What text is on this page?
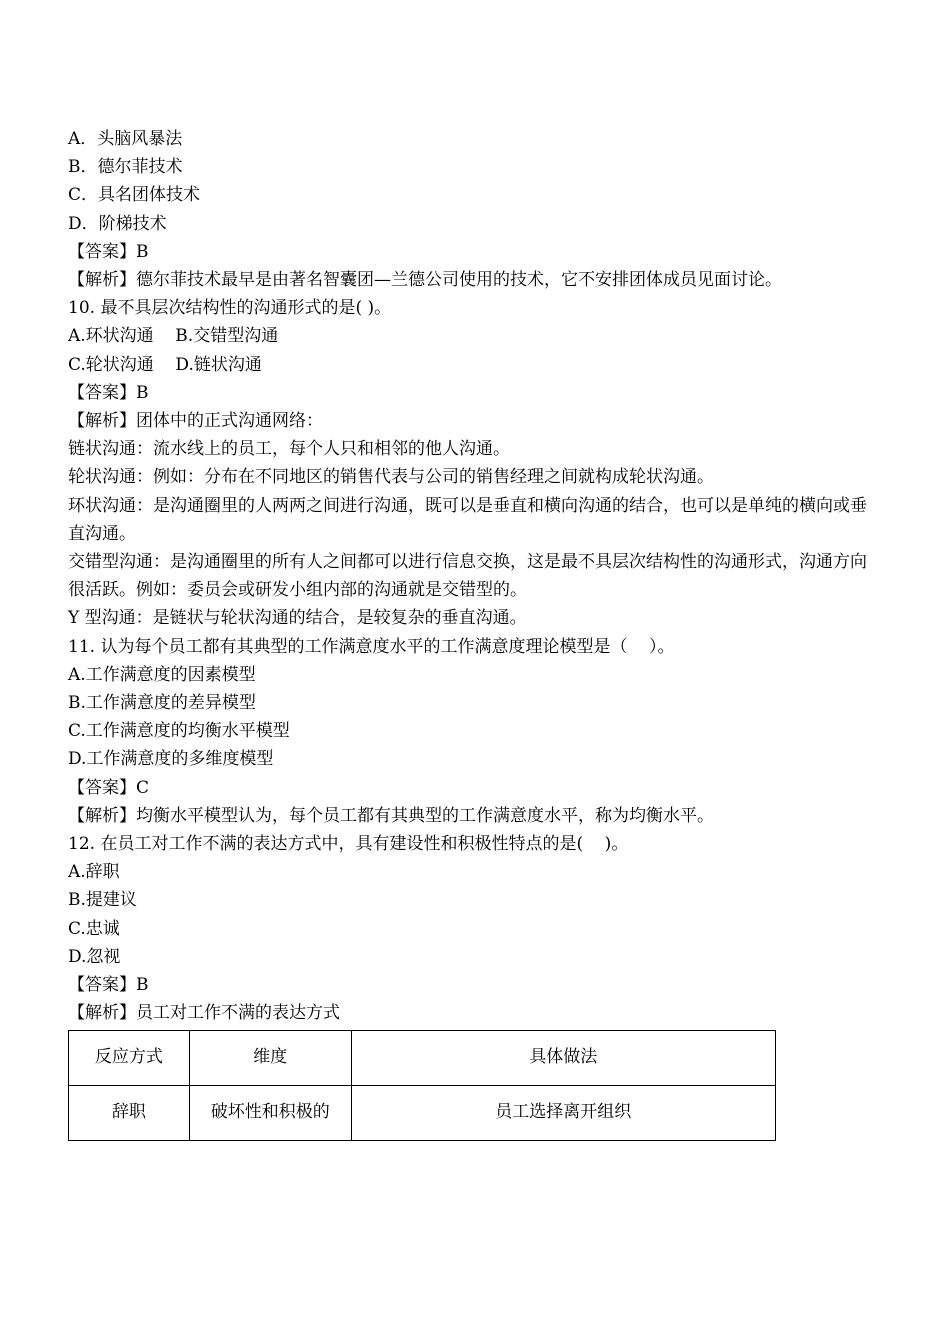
A．头脑风暴法

B．德尔菲技术

C．具名团体技术

D．阶梯技术

【答案】B

【解析】德尔菲技术最早是由著名智囊团—兰德公司使用的技术，它不安排团体成员见面讨论。

10. 最不具层次结构性的沟通形式的是( )。

A.环状沟通    B.交错型沟通

C.轮状沟通    D.链状沟通

【答案】B

【解析】团体中的正式沟通网络：

链状沟通：流水线上的员工，每个人只和相邻的他人沟通。

轮状沟通：例如：分布在不同地区的销售代表与公司的销售经理之间就构成轮状沟通。

环状沟通：是沟通圈里的人两两之间进行沟通，既可以是垂直和横向沟通的结合，也可以是单纯的横向或垂直沟通。

交错型沟通：是沟通圈里的所有人之间都可以进行信息交换，这是最不具层次结构性的沟通形式，沟通方向很活跃。例如：委员会或研发小组内部的沟通就是交错型的。

Y 型沟通：是链状与轮状沟通的结合，是较复杂的垂直沟通。

11. 认为每个员工都有其典型的工作满意度水平的工作满意度理论模型是（    ）。

A.工作满意度的因素模型

B.工作满意度的差异模型

C.工作满意度的均衡水平模型

D.工作满意度的多维度模型

【答案】C

【解析】均衡水平模型认为，每个员工都有其典型的工作满意度水平，称为均衡水平。

12. 在员工对工作不满的表达方式中，具有建设性和积极性特点的是(    )。

A.辞职

B.提建议

C.忠诚

D.忽视

【答案】B

【解析】员工对工作不满的表达方式

反应方式	维度	具体做法
辞职	破坏性和积极的	员工选择离开组织
